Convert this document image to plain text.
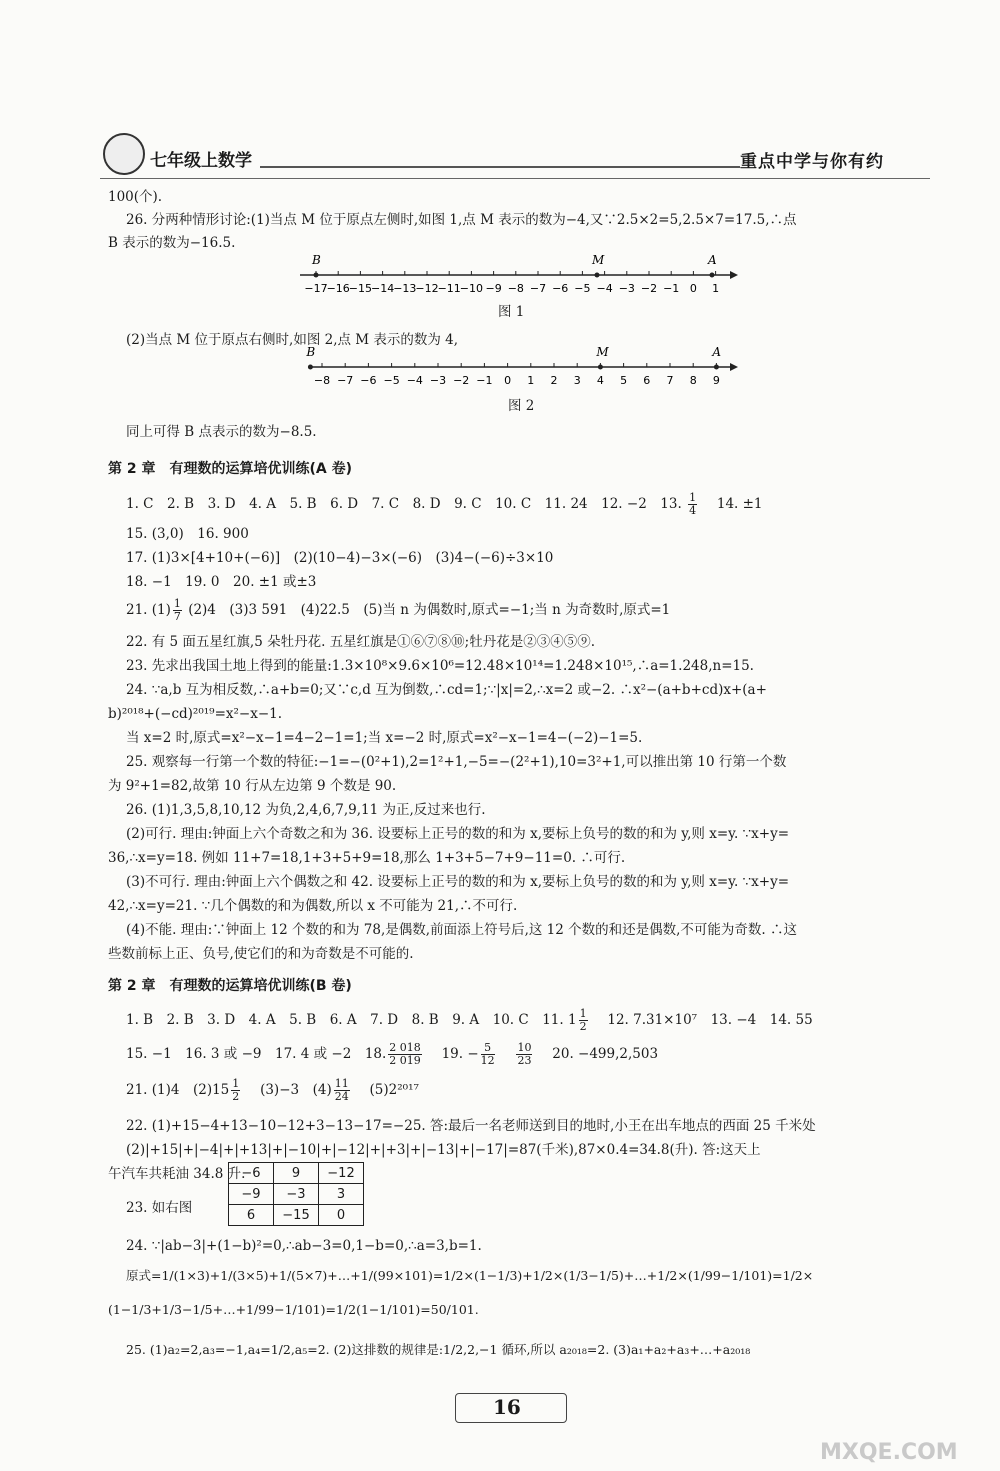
七年级上数学	重点中学与你有约
100(个).
26. 分两种情形讨论:(1)当点 M 位于原点左侧时,如图 1,点 M 表示的数为−4,又∵2.5×2=5,2.5×7=17.5,∴点
B 表示的数为−16.5.
−17
−16
−15
−14
−13
−12
−11
−10 −9 −8 −7 −6 −5 −4 −3 −2 −1 0 1
B	M	A
图 1
(2)当点 M 位于原点右侧时,如图 2,点 M 表示的数为 4,
−8 −7 −6 −5 −4 −3 −2 −1 0 1 2 3 4 5 6 7 8 9
B	M	A
图 2
同上可得 B 点表示的数为−8.5.
第 2 章　有理数的运算培优训练(A 卷)
1. C　2. B　3. D　4. A　5. B　6. D　7. C　8. D　9. C　10. C　11. 24　12. −2　13. $\frac{1}{4}$
　 14. ±1
15. (3,0)　16. 900
17. (1)3×[4+10+(−6)]　(2)(10−4)−3×(−6)　(3)4−(−6)÷3×10
18. −1　19. 0　20. ±1 或±3
21. $(1) \frac{1}{7} (2)4$　(3)3 591　(4)22.5　(5)当 n 为偶数时,原式=−1;当 n 为奇数时,原式=1
22. 有 5 面五星红旗,5 朵牡丹花. 五星红旗是①⑥⑦⑧⑩;牡丹花是②③④⑤⑨.
23. 先求出我国土地上得到的能量:1.3×10⁸×9.6×10⁶=12.48×10¹⁴=1.248×10¹⁵,∴a=1.248,n=15.
24. ∵a,b 互为相反数,∴a+b=0;又∵c,d 互为倒数,∴cd=1;∵|x|=2,∴x=2 或−2. ∴x²−(a+b+cd)x+(a+
b)²⁰¹⁸+(−cd)²⁰¹⁹=x²−x−1.
当 x=2 时,原式=x²−x−1=4−2−1=1;当 x=−2 时,原式=x²−x−1=4−(−2)−1=5.
25. 观察每一行第一个数的特征:−1=−(0²+1),2=1²+1,−5=−(2²+1),10=3²+1,可以推出第 10 行第一个数
为 9²+1=82,故第 10 行从左边第 9 个数是 90.
26. (1)1,3,5,8,10,12 为负,2,4,6,7,9,11 为正,反过来也行.
(2)可行. 理由:钟面上六个奇数之和为 36. 设要标上正号的数的和为 x,要标上负号的数的和为 y,则 x=y. ∵x+y=
36,∴x=y=18. 例如 11+7=18,1+3+5+9=18,那么 1+3+5−7+9−11=0. ∴可行.
(3)不可行. 理由:钟面上六个偶数之和 42. 设要标上正号的数的和为 x,要标上负号的数的和为 y,则 x=y. ∵x+y=
42,∴x=y=21. ∵几个偶数的和为偶数,所以 x 不可能为 21,∴不可行.
(4)不能. 理由:∵钟面上 12 个数的和为 78,是偶数,前面添上符号后,这 12 个数的和还是偶数,不可能为奇数. ∴这
些数前标上正、负号,使它们的和为奇数是不可能的.
第 2 章　有理数的运算培优训练(B 卷)
1. B　2. B　3. D　4. A　5. B　6. A　7. D　8. B　9. A　10. C　11. $1 \frac{1}{2}$
　 12. 7.31×10⁷　13. −4　14. 55
15. −1　16. 3 或 −9　17. 4 或 −2　18. $\frac{2 018}{2 019}$
　 19. − $\frac{5}{12}$
　 $\frac{10}{23}$
　 20. −499,2,503
21. (1)4　$(2)15 \frac{1}{2}$
　 (3)−3　$(4) \frac{11}{24}$
　 (5)2²⁰¹⁷
22. (1)+15−4+13−10−12+3−13−17=−25. 答:最后一名老师送到目的地时,小王在出车地点的西面 25 千米处
(2)|+15|+|−4|+|+13|+|−10|+|−12|+|+3|+|−13|+|−17|=87(千米),87×0.4=34.8(升). 答:这天上
午汽车共耗油 34.8 升.
23. 如右图
−6	9	−12
−9	−3	3
6	−15	0
24. ∵|ab−3|+(1−b)²=0,∴ab−3=0,1−b=0,∴a=3,b=1.
原式=1/(1×3)+1/(3×5)+1/(5×7)+…+1/(99×101)=1/2×(1−1/3)+1/2×(1/3−1/5)+…+1/2×(1/99−1/101)=1/2×
(1−1/3+1/3−1/5+…+1/99−1/101)=1/2(1−1/101)=50/101.
25. (1)a₂=2,a₃=−1,a₄=1/2,a₅=2. (2)这排数的规律是:1/2,2,−1 循环,所以 a₂₀₁₈=2. (3)a₁+a₂+a₃+…+a₂₀₁₈
16
MXQE.COM
